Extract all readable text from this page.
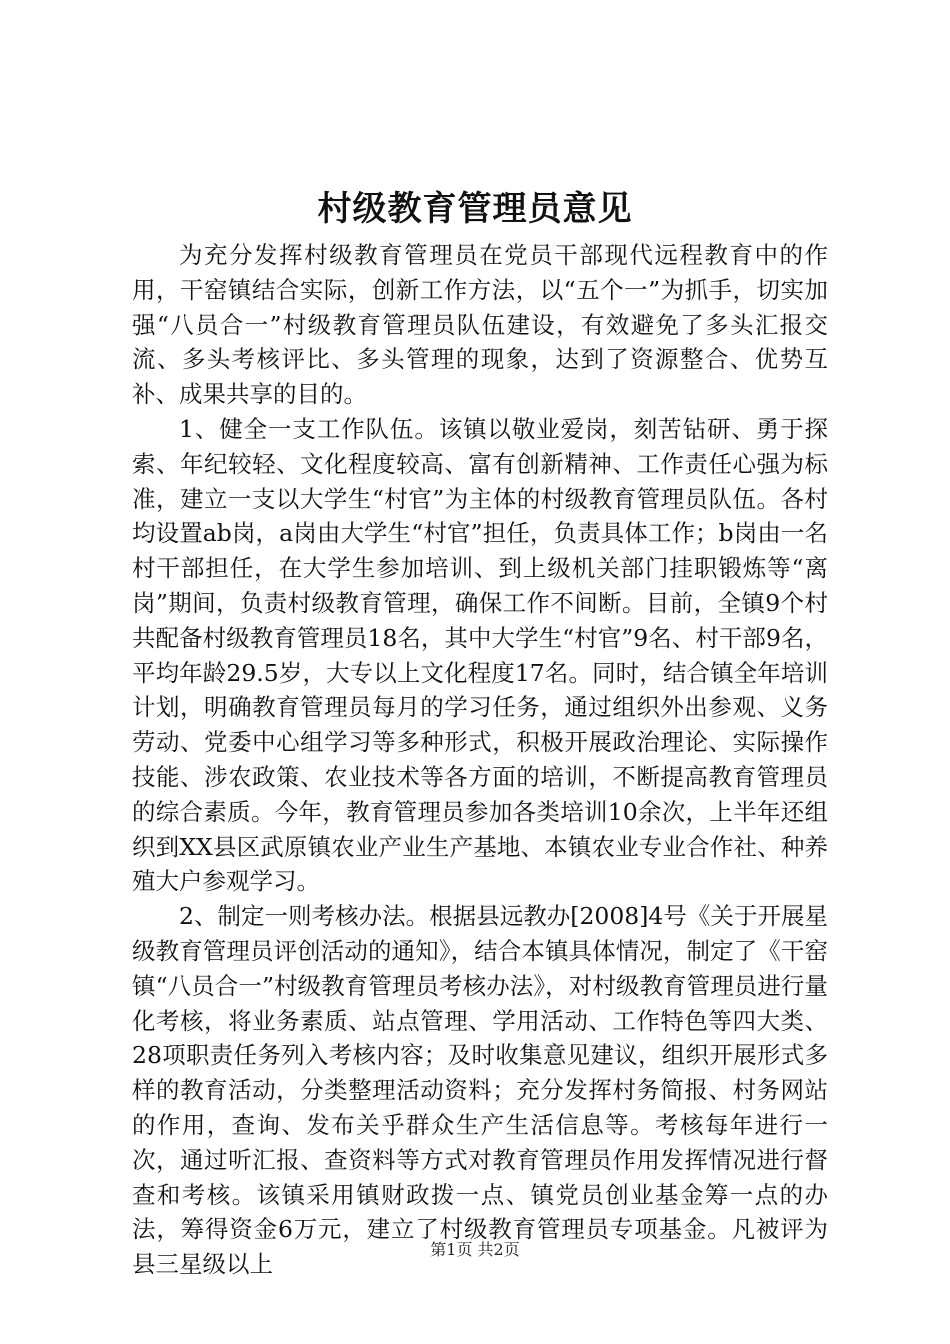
村级教育管理员意见

为充分发挥村级教育管理员在党员干部现代远程教育中的作用，干窑镇结合实际，创新工作方法，以“五个一”为抓手，切实加强“八员合一”村级教育管理员队伍建设，有效避免了多头汇报交流、多头考核评比、多头管理的现象，达到了资源整合、优势互补、成果共享的目的。

1、健全一支工作队伍。该镇以敬业爱岗，刻苦钻研、勇于探索、年纪较轻、文化程度较高、富有创新精神、工作责任心强为标准，建立一支以大学生“村官”为主体的村级教育管理员队伍。各村均设置ab岗，a岗由大学生“村官”担任，负责具体工作；b岗由一名村干部担任，在大学生参加培训、到上级机关部门挂职锻炼等“离岗”期间，负责村级教育管理，确保工作不间断。目前，全镇9个村共配备村级教育管理员18名，其中大学生“村官”9名、村干部9名，平均年龄29.5岁，大专以上文化程度17名。同时，结合镇全年培训计划，明确教育管理员每月的学习任务，通过组织外出参观、义务劳动、党委中心组学习等多种形式，积极开展政治理论、实际操作技能、涉农政策、农业技术等各方面的培训，不断提高教育管理员的综合素质。今年，教育管理员参加各类培训10余次，上半年还组织到XX县区武原镇农业产业生产基地、本镇农业专业合作社、种养殖大户参观学习。

2、制定一则考核办法。根据县远教办[2008]4号《关于开展星级教育管理员评创活动的通知》，结合本镇具体情况，制定了《干窑镇“八员合一”村级教育管理员考核办法》，对村级教育管理员进行量化考核，将业务素质、站点管理、学用活动、工作特色等四大类、28项职责任务列入考核内容；及时收集意见建议，组织开展形式多样的教育活动，分类整理活动资料；充分发挥村务简报、村务网站的作用，查询、发布关乎群众生产生活信息等。考核每年进行一次，通过听汇报、查资料等方式对教育管理员作用发挥情况进行督查和考核。该镇采用镇财政拨一点、镇党员创业基金筹一点的办法，筹得资金6万元，建立了村级教育管理员专项基金。凡被评为县三星级以上

第1页 共2页
